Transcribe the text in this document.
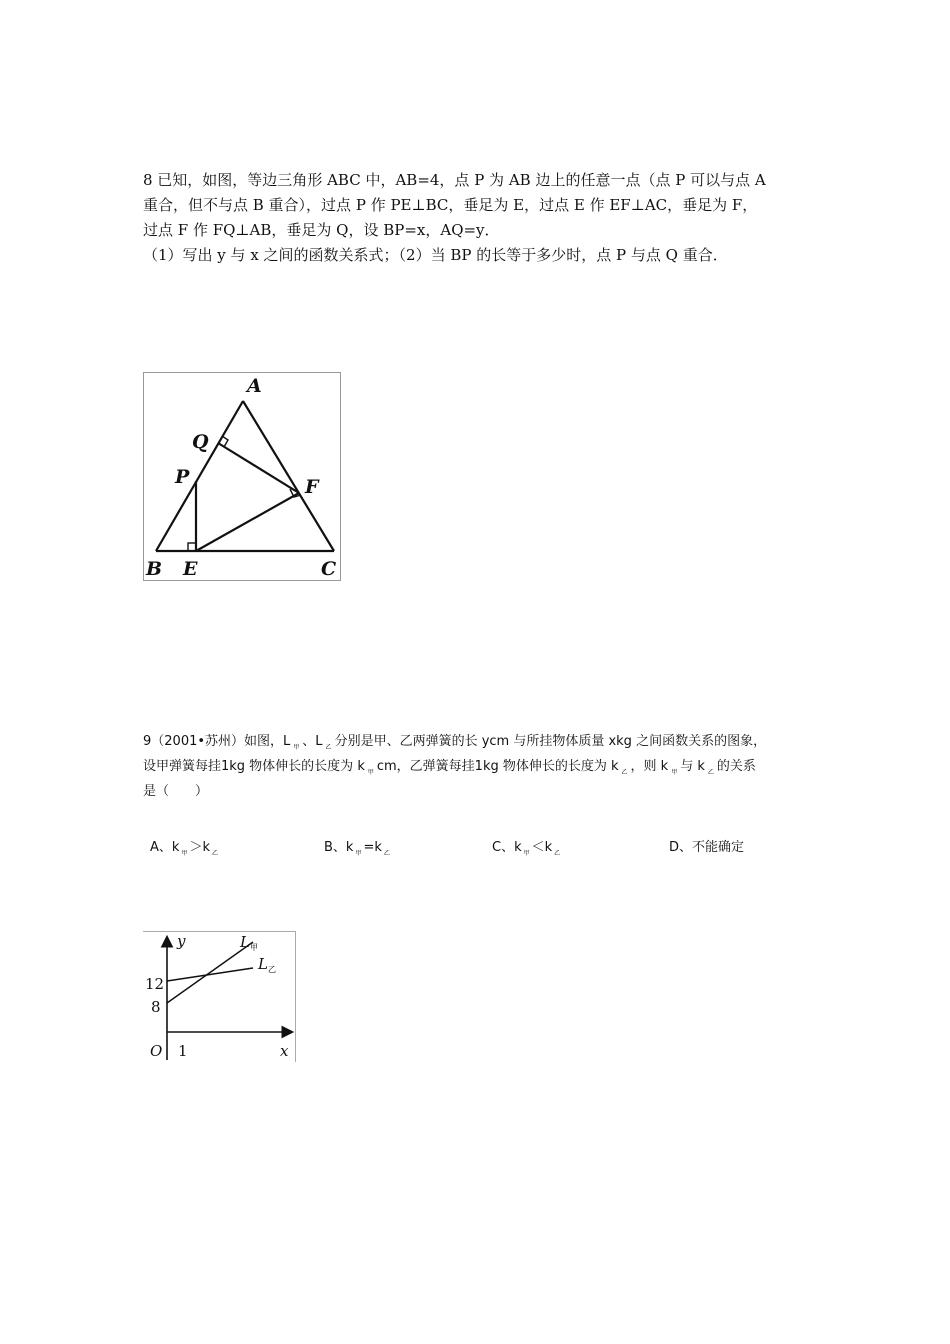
8 已知，如图，等边三角形 ABC 中，AB=4，点 P 为 AB 边上的任意一点（点 P 可以与点 A
重合，但不与点 B 重合），过点 P 作 PE⊥BC，垂足为 E，过点 E 作 EF⊥AC，垂足为 F，
过点 F 作 FQ⊥AB，垂足为 Q，设 BP=x，AQ=y．
（1）写出 y 与 x 之间的函数关系式；（2）当 BP 的长等于多少时，点 P 与点 Q 重合．
A
B	C
E
F
P
Q
9（2001•苏州）如图，L $_甲$ 、L $_乙$ 分别是甲、乙两弹簧的长 ycm 与所挂物体质量 xkg 之间函数关系的图象，
设甲弹簧每挂1kg 物体伸长的长度为 k $_甲$ cm，乙弹簧每挂1kg 物体伸长的长度为 k $_乙$ ，则 k $_甲$ 与 k $_乙$ 的关系
是（　　）
A、k $_甲$ ＞k $_乙$	B、k $_甲$ =k $_乙$	C、k $_甲$ ＜k $_乙$	D、不能确定
y
x
O 1
12
8
L 甲
L 乙
